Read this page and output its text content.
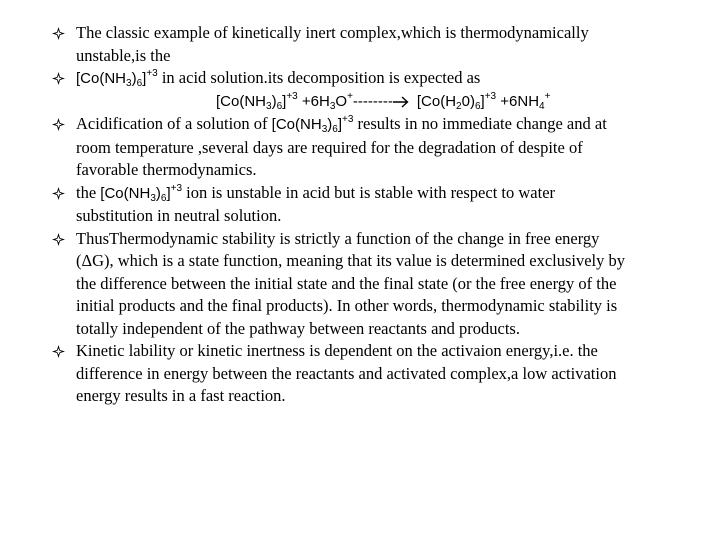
The classic example of kinetically inert complex,which is thermodynamically
unstable,is the
$[Co(NH_3)_6]^{+3}$ in acid solution.its decomposition is expected as
$[Co(NH_3)_6]^{+3} +6H_3O^+--------$ $[Co(H_20)_6]^{+3} +6NH_4^+$
Acidification of a solution of $[Co(NH_3)_6]^{+3}$ results in no immediate change and at
room temperature ,several days are required for the degradation of despite of
favorable thermodynamics.
the $[Co(NH_3)_6]^{+3}$ ion is unstable in acid but is stable with respect to water
substitution in neutral solution.
ThusThermodynamic stability is strictly a function of the change in free energy
(ΔG), which is a state function, meaning that its value is determined exclusively by
the difference between the initial state and the final state (or the free energy of the
initial products and the final products). In other words, thermodynamic stability is
totally independent of the pathway between reactants and products.
Kinetic lability or kinetic inertness is dependent on the activaion energy,i.e. the
difference in energy between the reactants and activated complex,a low activation
energy results in a fast reaction.
